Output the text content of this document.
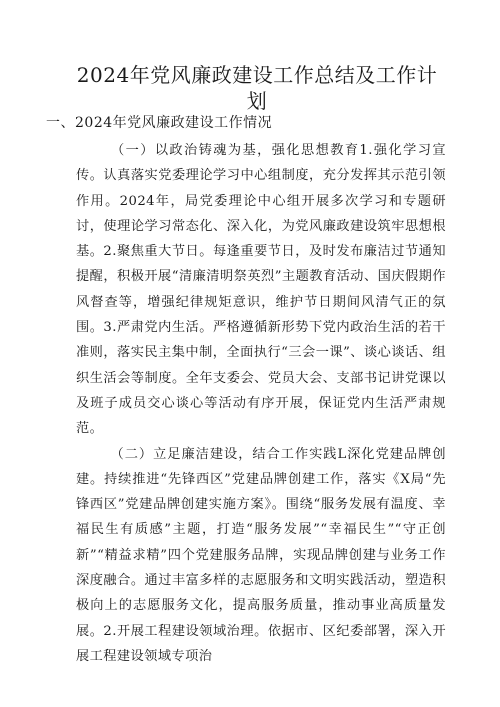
2024年党风廉政建设工作总结及工作计划
一、2024年党风廉政建设工作情况

（一）以政治铸魂为基，强化思想教育1.强化学习宣传。认真落实党委理论学习中心组制度，充分发挥其示范引领作用。2024年，局党委理论中心组开展多次学习和专题研讨，使理论学习常态化、深入化，为党风廉政建设筑牢思想根基。2.聚焦重大节日。每逢重要节日，及时发布廉洁过节通知提醒，积极开展“清廉清明祭英烈”主题教育活动、国庆假期作风督查等，增强纪律规矩意识，维护节日期间风清气正的氛围。3.严肃党内生活。严格遵循新形势下党内政治生活的若干准则，落实民主集中制，全面执行“三会一课”、谈心谈话、组织生活会等制度。全年支委会、党员大会、支部书记讲党课以及班子成员交心谈心等活动有序开展，保证党内生活严肃规范。

（二）立足廉洁建设，结合工作实践L深化党建品牌创建。持续推进“先锋西区”党建品牌创建工作，落实《X局“先锋西区”党建品牌创建实施方案》。围绕“服务发展有温度、幸福民生有质感”主题，打造“服务发展”“幸福民生”“守正创新”“精益求精”四个党建服务品牌，实现品牌创建与业务工作深度融合。通过丰富多样的志愿服务和文明实践活动，塑造积极向上的志愿服务文化，提高服务质量，推动事业高质量发展。2.开展工程建设领域治理。依据市、区纪委部署，深入开展工程建设领域专项治
